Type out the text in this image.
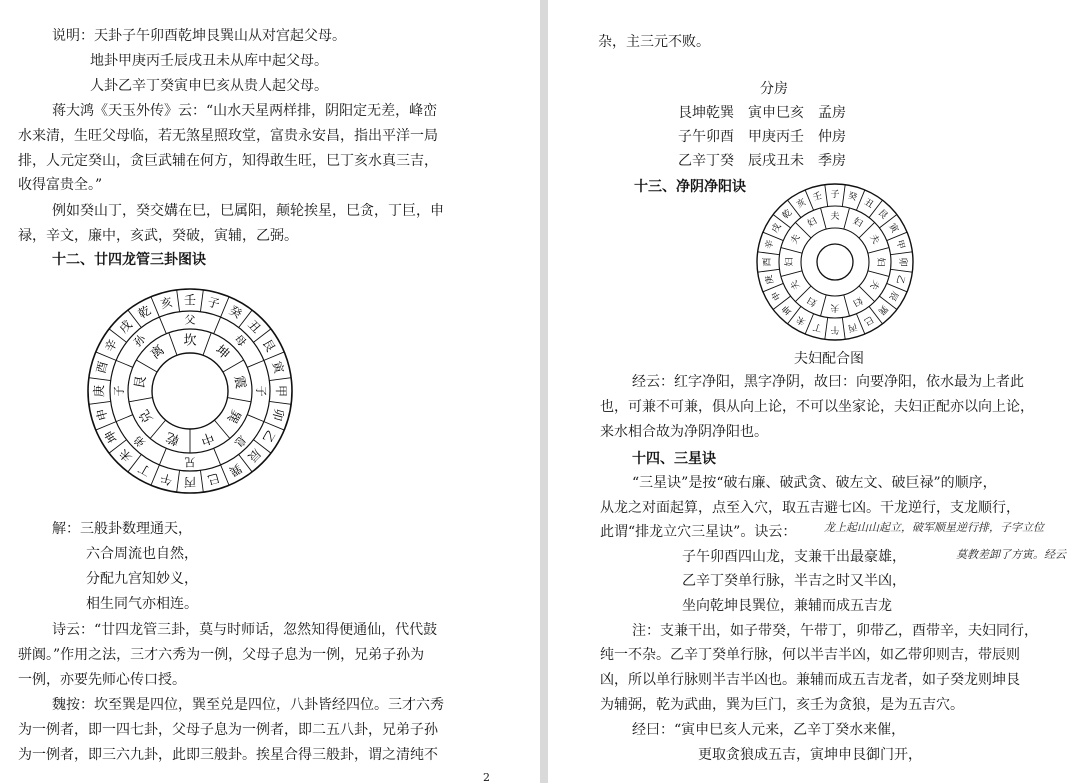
说明：天卦子午卯酉乾坤艮巽山从对宫起父母。
地卦甲庚丙壬辰戌丑未从库中起父母。
人卦乙辛丁癸寅申巳亥从贵人起父母。
蒋大鸿《天玉外传》云：“山水天星两样排，阴阳定无差，峰峦
水来清，生旺父母临，若无煞星照玫堂，富贵永安昌，指出平洋一局
排，人元定癸山，贪巨武辅在何方，知得敢生旺，巳丁亥水真三吉，
收得富贵全。”
例如癸山丁，癸交媾在巳，巳属阳，颠轮挨星，巳贪，丁巨，申
禄，辛文，廉中，亥武，癸破，寅辅，乙弼。
十二、廿四龙管三卦图诀
壬 子
癸
丑
艮
寅
甲
卯
乙
辰
巽
巳
丙
午
丁
未
坤
申
庚
酉
辛
戌
乾
亥
父
母
子
息
兄
弟
子
孙	坎
坤
震
巽
中
乾
兑
艮
离
解：三般卦数理通天，
六合周流也自然，
分配九宫知妙义，
相生同气亦相连。
诗云：“廿四龙管三卦，莫与时师话，忽然知得便通仙，代代鼓
骈阗。”作用之法，三才六秀为一例，父母子息为一例，兄弟子孙为
一例，亦要先师心传口授。
魏按：坎至巽是四位，巽至兑是四位，八卦皆经四位。三才六秀
为一例者，即一四七卦，父母子息为一例者，即二五八卦，兄弟子孙
为一例者，即三六九卦，此即三般卦。挨星合得三般卦，谓之清纯不
2
杂，主三元不败。
分房
艮坤乾巽 寅申巳亥 孟房
子午卯酉 甲庚丙壬 仲房
乙辛丁癸 辰戌丑未 季房
十三、净阴净阳诀	子 癸
丑
艮
寅
甲
卯
乙
辰
巽
巳
丙
午
丁
未
坤
申
庚
酉
辛
戌
乾
亥
壬
夫 妇
夫
妇
夫
妇
夫
妇
夫
妇
夫
妇
夫妇配合图
经云：红字净阳，黑字净阴，故曰：向要净阳，依水最为上者此
也，可兼不可兼，俱从向上论，不可以坐家论，夫妇正配亦以向上论，
来水相合故为净阴净阳也。
十四、三星诀
“三星诀”是按“破右廉、破武贪、破左文、破巨禄”的顺序，
从龙之对面起算，点至入穴，取五吉避七凶。干龙逆行，支龙顺行，
此谓“排龙立穴三星诀”。诀云：	龙上起山山起立，破军顺星逆行排，子字立位
莫教差卸了方寅。经云
子午卯酉四山龙，支兼干出最豪雄，
乙辛丁癸单行脉，半吉之时又半凶，
坐向乾坤艮巽位，兼辅而成五吉龙
注：支兼干出，如子带癸，午带丁，卯带乙，酉带辛，夫妇同行，
纯一不杂。乙辛丁癸单行脉，何以半吉半凶，如乙带卯则吉，带辰则
凶，所以单行脉则半吉半凶也。兼辅而成五吉龙者，如子癸龙则坤艮
为辅弼，乾为武曲，巽为巨门，亥壬为贪狼，是为五吉穴。
经曰：“寅申巳亥人元来，乙辛丁癸水来催，
更取贪狼成五吉，寅坤申艮御门开，
